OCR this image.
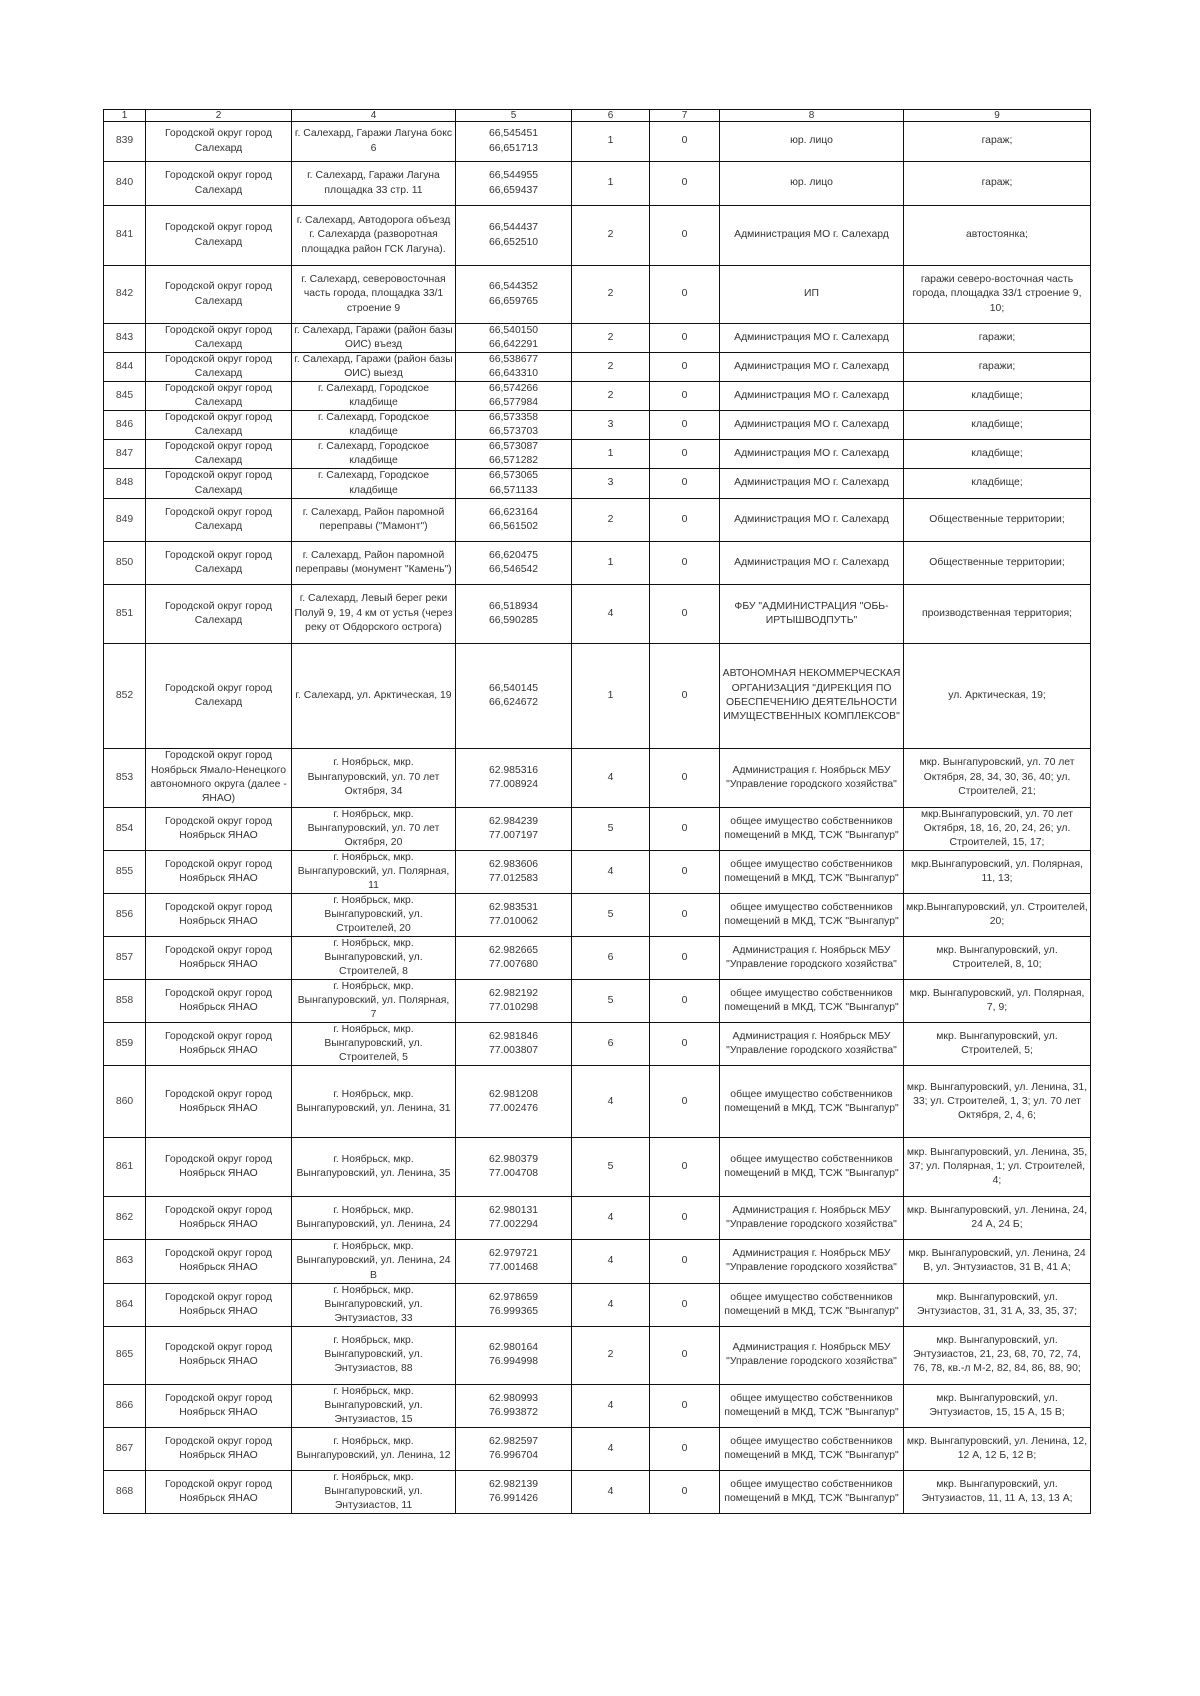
1	2	4	5	6	7	8	9
839	Городской округ город Салехард	г. Салехард, Гаражи Лагуна бокс 6	66,545451
66,651713	1	0	юр. лицо	гараж;
840	Городской округ город Салехард	г. Салехард, Гаражи Лагуна площадка 33 стр. 11	66,544955
66,659437	1	0	юр. лицо	гараж;
841	Городской округ город Салехард	г. Салехард, Автодорога объезд г. Салехарда (разворотная площадка район ГСК Лагуна).	66,544437
66,652510	2	0	Администрация МО г. Салехард	автостоянка;
842	Городской округ город Салехард	г. Салехард, северовосточная часть города, площадка 33/1 строение 9	66,544352
66,659765	2	0	ИП	гаражи северо-восточная часть города, площадка 33/1 строение 9, 10;
843	Городской округ город Салехард	г. Салехард, Гаражи (район базы ОИС) въезд	66,540150
66,642291	2	0	Администрация МО г. Салехард	гаражи;
844	Городской округ город Салехард	г. Салехард, Гаражи (район базы ОИС) выезд	66,538677
66,643310	2	0	Администрация МО г. Салехард	гаражи;
845	Городской округ город Салехард	г. Салехард, Городское кладбище	66,574266
66,577984	2	0	Администрация МО г. Салехард	кладбище;
846	Городской округ город Салехард	г. Салехард, Городское кладбище	66,573358
66,573703	3	0	Администрация МО г. Салехард	кладбище;
847	Городской округ город Салехард	г. Салехард, Городское кладбище	66,573087
66,571282	1	0	Администрация МО г. Салехард	кладбище;
848	Городской округ город Салехард	г. Салехард, Городское кладбище	66,573065
66,571133	3	0	Администрация МО г. Салехард	кладбище;
849	Городской округ город Салехард	г. Салехард, Район паромной переправы ("Мамонт")	66,623164
66,561502	2	0	Администрация МО г. Салехард	Общественные территории;
850	Городской округ город Салехард	г. Салехард, Район паромной переправы (монумент "Камень")	66,620475
66,546542	1	0	Администрация МО г. Салехард	Общественные территории;
851	Городской округ город Салехард	г. Салехард, Левый берег реки Полуй 9, 19, 4 км от устья (через реку от Обдорского острога)	66,518934
66,590285	4	0	ФБУ "АДМИНИСТРАЦИЯ "ОБЬ-ИРТЫШВОДПУТЬ"	производственная территория;
852	Городской округ город Салехард	г. Салехард, ул. Арктическая, 19	66,540145
66,624672	1	0	АВТОНОМНАЯ НЕКОММЕРЧЕСКАЯ ОРГАНИЗАЦИЯ "ДИРЕКЦИЯ ПО ОБЕСПЕЧЕНИЮ ДЕЯТЕЛЬНОСТИ ИМУЩЕСТВЕННЫХ КОМПЛЕКСОВ"	ул. Арктическая, 19;
853	Городской округ город Ноябрьск Ямало-Ненецкого автономного округа (далее - ЯНАО)	г. Ноябрьск, мкр. Вынгапуровский, ул. 70 лет Октября, 34	62.985316
77.008924	4	0	Администрация г. Ноябрьск МБУ "Управление городского хозяйства"	мкр. Вынгапуровский, ул. 70 лет Октября, 28, 34, 30, 36, 40; ул. Строителей, 21;
854	Городской округ город Ноябрьск ЯНАО	г. Ноябрьск, мкр. Вынгапуровский, ул. 70 лет Октября, 20	62.984239
77.007197	5	0	общее имущество собственников помещений в МКД, ТСЖ "Вынгапур"	мкр.Вынгапуровский, ул. 70 лет Октября, 18, 16, 20, 24, 26; ул. Строителей, 15, 17;
855	Городской округ город Ноябрьск ЯНАО	г. Ноябрьск, мкр. Вынгапуровский, ул. Полярная, 11	62.983606
77.012583	4	0	общее имущество собственников помещений в МКД, ТСЖ "Вынгапур"	мкр.Вынгапуровский, ул. Полярная, 11, 13;
856	Городской округ город Ноябрьск ЯНАО	г. Ноябрьск, мкр. Вынгапуровский, ул. Строителей, 20	62.983531
77.010062	5	0	общее имущество собственников помещений в МКД, ТСЖ "Вынгапур"	мкр.Вынгапуровский, ул. Строителей, 20;
857	Городской округ город Ноябрьск ЯНАО	г. Ноябрьск, мкр. Вынгапуровский, ул. Строителей, 8	62.982665
77.007680	6	0	Администрация г. Ноябрьск МБУ "Управление городского хозяйства"	мкр. Вынгапуровский, ул. Строителей, 8, 10;
858	Городской округ город Ноябрьск ЯНАО	г. Ноябрьск, мкр. Вынгапуровский, ул. Полярная, 7	62.982192
77.010298	5	0	общее имущество собственников помещений в МКД, ТСЖ "Вынгапур"	мкр. Вынгапуровский, ул. Полярная, 7, 9;
859	Городской округ город Ноябрьск ЯНАО	г. Ноябрьск, мкр. Вынгапуровский, ул. Строителей, 5	62.981846
77.003807	6	0	Администрация г. Ноябрьск МБУ "Управление городского хозяйства"	мкр. Вынгапуровский, ул. Строителей, 5;
860	Городской округ город Ноябрьск ЯНАО	г. Ноябрьск, мкр. Вынгапуровский, ул. Ленина, 31	62.981208
77.002476	4	0	общее имущество собственников помещений в МКД, ТСЖ "Вынгапур"	мкр. Вынгапуровский, ул. Ленина, 31, 33; ул. Строителей, 1, 3; ул. 70 лет Октября, 2, 4, 6;
861	Городской округ город Ноябрьск ЯНАО	г. Ноябрьск, мкр. Вынгапуровский, ул. Ленина, 35	62.980379
77.004708	5	0	общее имущество собственников помещений в МКД, ТСЖ "Вынгапур"	мкр. Вынгапуровский, ул. Ленина, 35, 37; ул. Полярная, 1; ул. Строителей, 4;
862	Городской округ город Ноябрьск ЯНАО	г. Ноябрьск, мкр. Вынгапуровский, ул. Ленина, 24	62.980131
77.002294	4	0	Администрация г. Ноябрьск МБУ "Управление городского хозяйства"	мкр. Вынгапуровский, ул. Ленина, 24, 24 А, 24 Б;
863	Городской округ город Ноябрьск ЯНАО	г. Ноябрьск, мкр. Вынгапуровский, ул. Ленина, 24 В	62.979721
77.001468	4	0	Администрация г. Ноябрьск МБУ "Управление городского хозяйства"	мкр. Вынгапуровский, ул. Ленина, 24 В, ул. Энтузиастов, 31 В, 41 А;
864	Городской округ город Ноябрьск ЯНАО	г. Ноябрьск, мкр. Вынгапуровский, ул. Энтузиастов, 33	62.978659
76.999365	4	0	общее имущество собственников помещений в МКД, ТСЖ "Вынгапур"	мкр. Вынгапуровский, ул. Энтузиастов, 31, 31 А, 33, 35, 37;
865	Городской округ город Ноябрьск ЯНАО	г. Ноябрьск, мкр. Вынгапуровский, ул. Энтузиастов, 88	62.980164
76.994998	2	0	Администрация г. Ноябрьск МБУ "Управление городского хозяйства"	мкр. Вынгапуровский, ул. Энтузиастов, 21, 23, 68, 70, 72, 74, 76, 78, кв.-л М-2, 82, 84, 86, 88, 90;
866	Городской округ город Ноябрьск ЯНАО	г. Ноябрьск, мкр. Вынгапуровский, ул. Энтузиастов, 15	62.980993
76.993872	4	0	общее имущество собственников помещений в МКД, ТСЖ "Вынгапур"	мкр. Вынгапуровский, ул. Энтузиастов, 15, 15 А, 15 В;
867	Городской округ город Ноябрьск ЯНАО	г. Ноябрьск, мкр. Вынгапуровский, ул. Ленина, 12	62.982597
76.996704	4	0	общее имущество собственников помещений в МКД, ТСЖ "Вынгапур"	мкр. Вынгапуровский, ул. Ленина, 12, 12 А, 12 Б, 12 В;
868	Городской округ город Ноябрьск ЯНАО	г. Ноябрьск, мкр. Вынгапуровский, ул. Энтузиастов, 11	62.982139
76.991426	4	0	общее имущество собственников помещений в МКД, ТСЖ "Вынгапур"	мкр. Вынгапуровский, ул. Энтузиастов, 11, 11 А, 13, 13 А;
